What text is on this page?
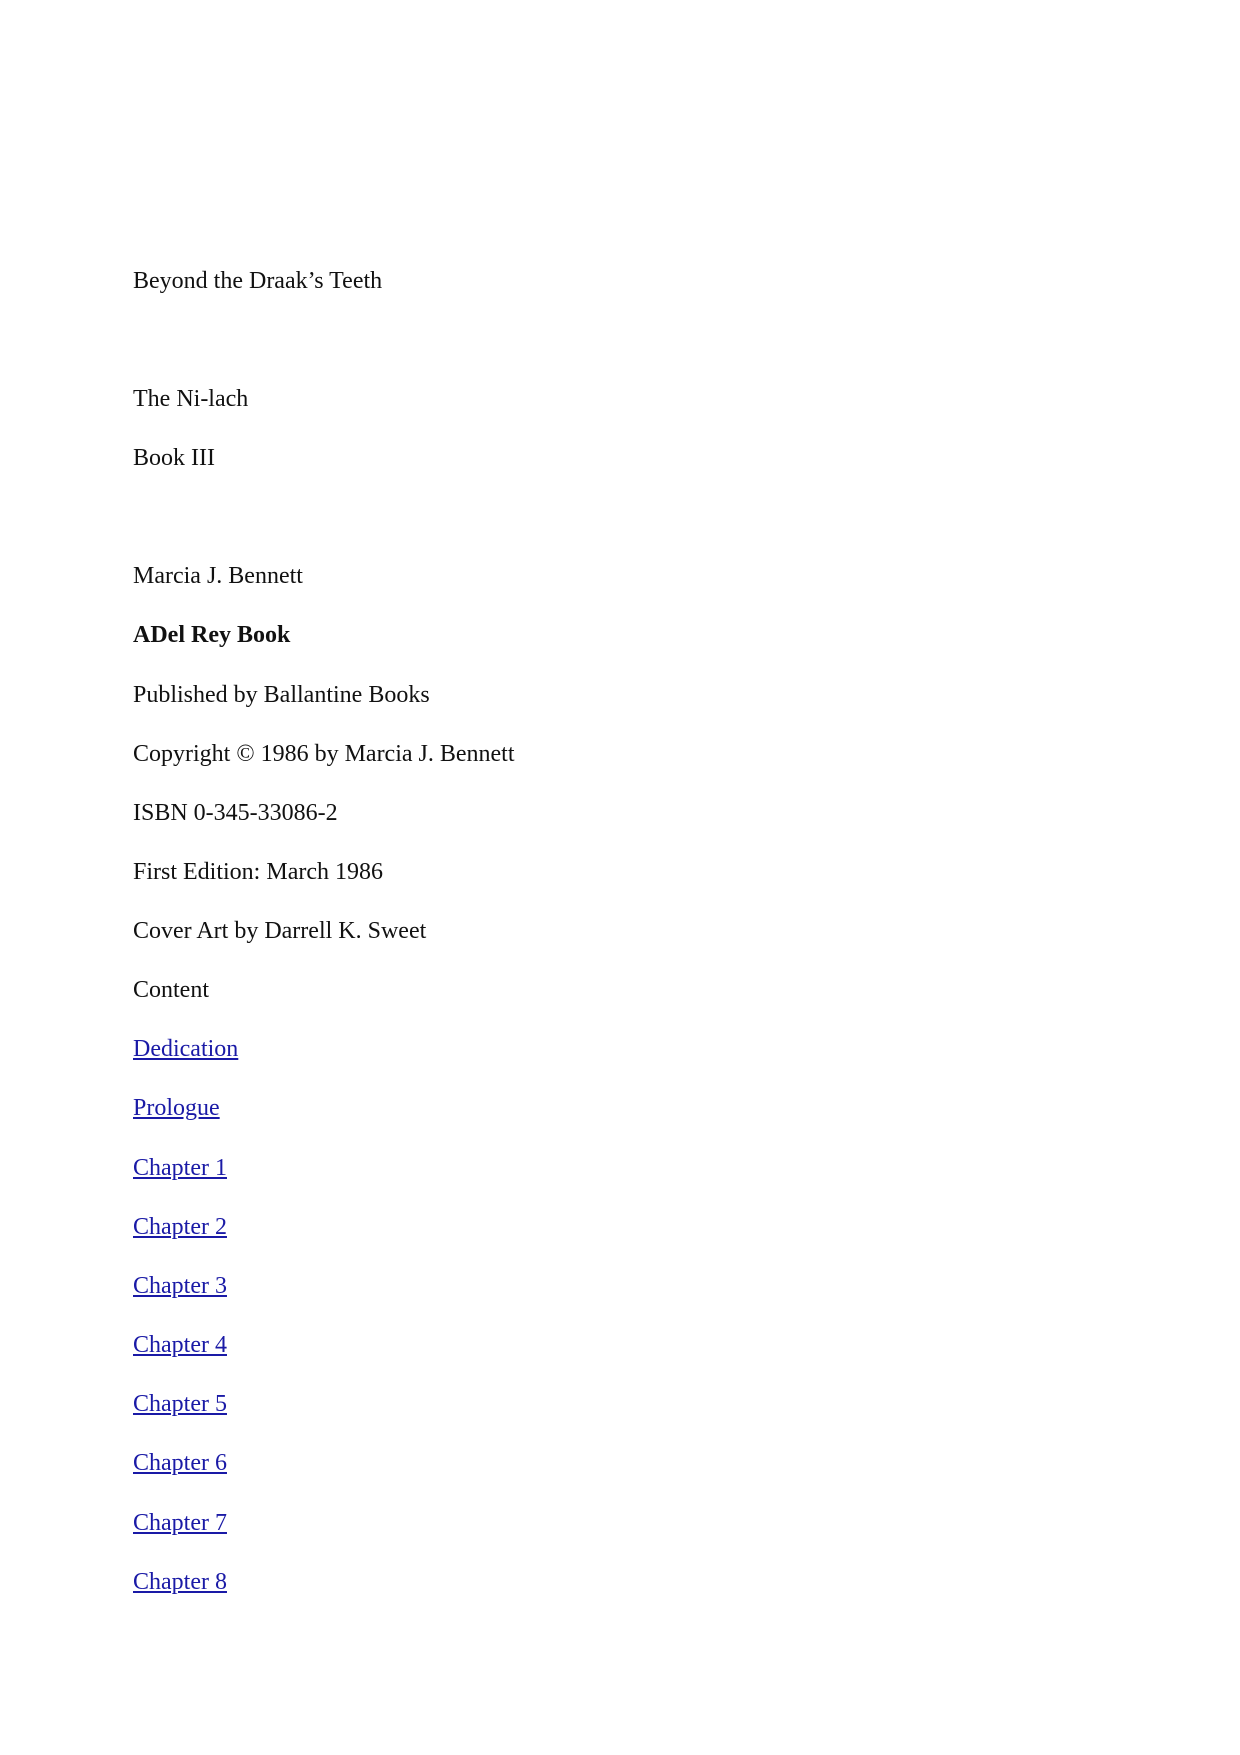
Beyond the Draak’s Teeth

The Ni-lach

Book III

Marcia J. Bennett

ADel Rey Book

Published by Ballantine Books

Copyright © 1986 by Marcia J. Bennett

ISBN 0-345-33086-2

First Edition: March 1986

Cover Art by Darrell K. Sweet

Content

Dedication
Prologue
Chapter 1
Chapter 2
Chapter 3
Chapter 4
Chapter 5
Chapter 6
Chapter 7
Chapter 8
